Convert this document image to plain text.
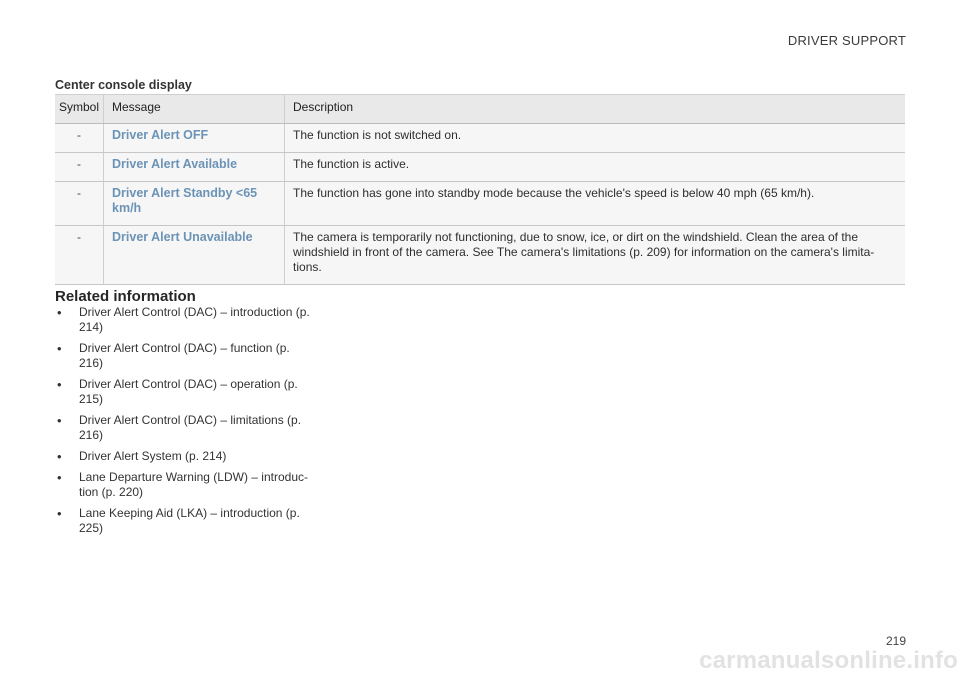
DRIVER SUPPORT
Center console display
Symbol	Message	Description
-	Driver Alert OFF	The function is not switched on.
-	Driver Alert Available	The function is active.
-	Driver Alert Standby <65 km/h	The function has gone into standby mode because the vehicle's speed is below 40 mph (65 km/h).
-	Driver Alert Unavailable	The camera is temporarily not functioning, due to snow, ice, or dirt on the windshield. Clean the area of the windshield in front of the camera. See The camera's limitations (p. 209) for information on the camera's limita-tions.
Related information
•	Driver Alert Control (DAC) – introduction (p. 214)
•	Driver Alert Control (DAC) – function (p. 216)
•	Driver Alert Control (DAC) – operation (p. 215)
•	Driver Alert Control (DAC) – limitations (p. 216)
•	Driver Alert System (p. 214)
•	Lane Departure Warning (LDW) – introduc-tion (p. 220)
•	Lane Keeping Aid (LKA) – introduction (p. 225)
219
carmanualsonline.info
